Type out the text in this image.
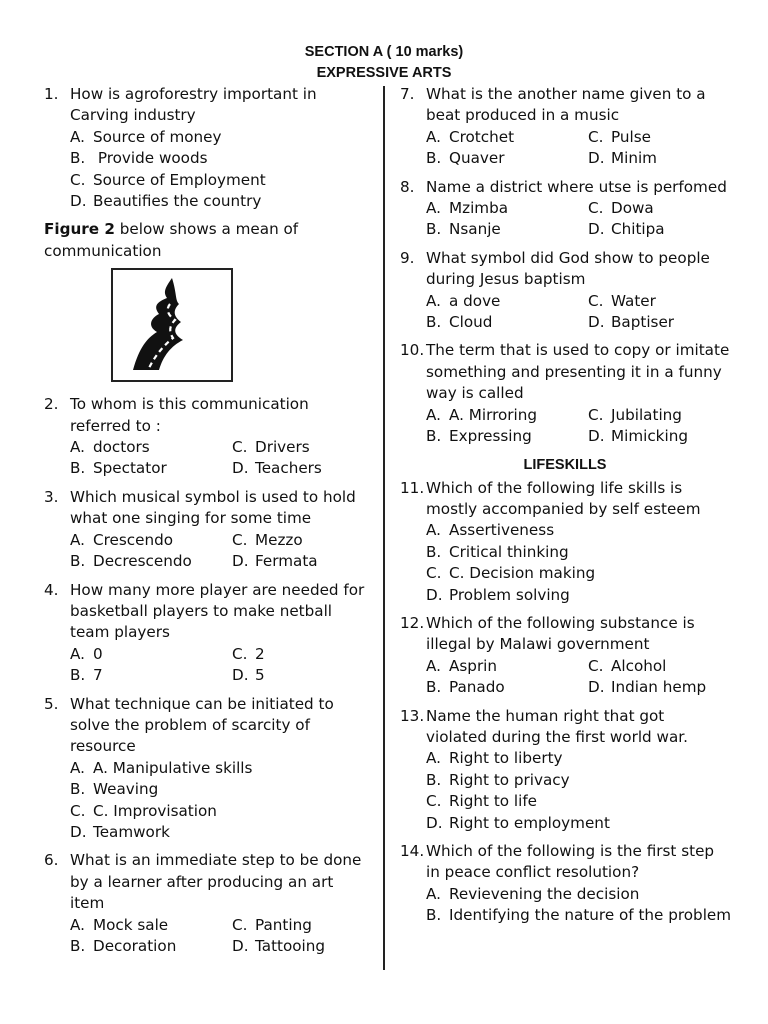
SECTION A ( 10 marks)
EXPRESSIVE ARTS
1. How is agroforestry important in Carving industry
A. Source of money
B. Provide woods
C. Source of Employment
D. Beautifies the country
Figure 2 below shows a mean of communication
2. To whom is this communication referred to :
A. doctors	C. Drivers
B. Spectator	D. Teachers
3. Which musical symbol is used to hold what one singing for some time
A. Crescendo	C. Mezzo
B. Decrescendo	D. Fermata
4. How many more player are needed for basketball players to make netball team players
A. 0	C. 2
B. 7	D. 5
5. What technique can be initiated to solve the problem of scarcity of resource
A. A. Manipulative skills
B. Weaving
C. C. Improvisation
D. Teamwork
6. What is an immediate step to be done by a learner after producing an art item
A. Mock sale	C. Panting
B. Decoration	D. Tattooing
7. What is the another name given to a beat produced in a music
A. Crotchet	C. Pulse
B. Quaver	D. Minim
8. Name a district where utse is perfomed
A. Mzimba	C. Dowa
B. Nsanje	D. Chitipa
9. What symbol did God show to people during Jesus baptism
A. a dove	C. Water
B. Cloud	D. Baptiser
10. The term that is used to copy or imitate something and presenting it in a funny way is called
A. A. Mirroring	C. Jubilating
B. Expressing	D. Mimicking
LIFESKILLS
11. Which of the following life skills is mostly accompanied by self esteem
A. Assertiveness
B. Critical thinking
C. C. Decision making
D. Problem solving
12. Which of the following substance is illegal by Malawi government
A. Asprin	C. Alcohol
B. Panado	D. Indian hemp
13. Name the human right that got violated during the first world war.
A. Right to liberty
B. Right to privacy
C. Right to life
D. Right to employment
14. Which of the following is the first step in peace conflict resolution?
A. Revievening the decision
B. Identifying the nature of the problem
